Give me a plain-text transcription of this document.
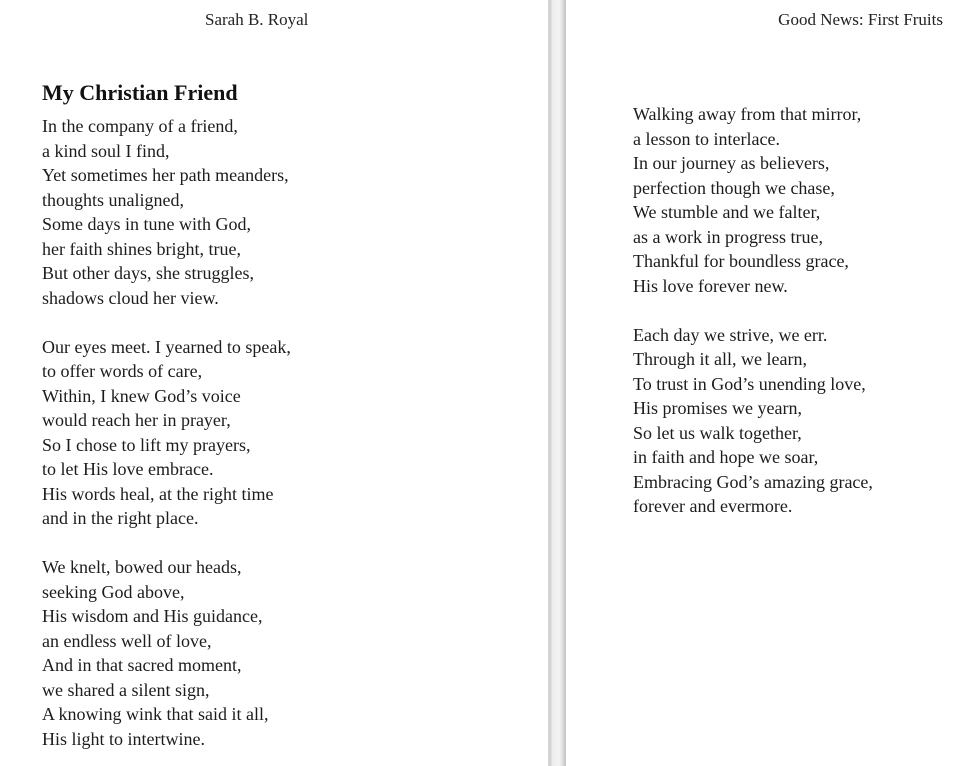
Sarah B. Royal
My Christian Friend
In the company of a friend,
a kind soul I find,
Yet sometimes her path meanders,
thoughts unaligned,
Some days in tune with God,
her faith shines bright, true,
But other days, she struggles,
shadows cloud her view.
Our eyes meet. I yearned to speak,
to offer words of care,
Within, I knew God’s voice
would reach her in prayer,
So I chose to lift my prayers,
to let His love embrace.
His words heal, at the right time
and in the right place.
We knelt, bowed our heads,
seeking God above,
His wisdom and His guidance,
an endless well of love,
And in that sacred moment,
we shared a silent sign,
A knowing wink that said it all,
His light to intertwine.
Good News: First Fruits
Walking away from that mirror,
a lesson to interlace.
In our journey as believers,
perfection though we chase,
We stumble and we falter,
as a work in progress true,
Thankful for boundless grace,
His love forever new.
Each day we strive, we err.
Through it all, we learn,
To trust in God’s unending love,
His promises we yearn,
So let us walk together,
in faith and hope we soar,
Embracing God’s amazing grace,
forever and evermore.
